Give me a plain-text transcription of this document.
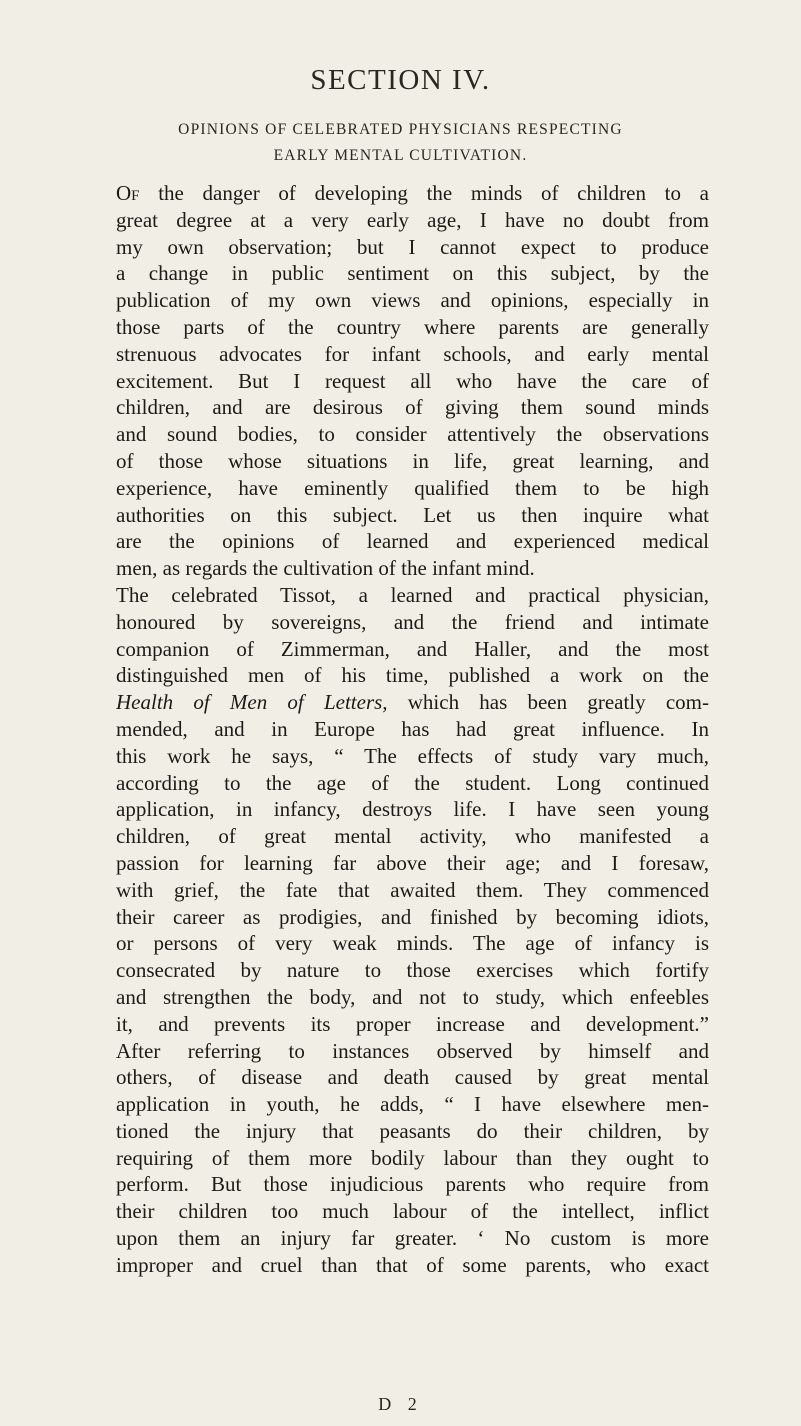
SECTION IV.
OPINIONS OF CELEBRATED PHYSICIANS RESPECTING
EARLY MENTAL CULTIVATION.
Of the danger of developing the minds of children to a
great degree at a very early age, I have no doubt from
my own observation; but I cannot expect to produce
a change in public sentiment on this subject, by the
publication of my own views and opinions, especially in
those parts of the country where parents are generally
strenuous advocates for infant schools, and early mental
excitement. But I request all who have the care of
children, and are desirous of giving them sound minds
and sound bodies, to consider attentively the observations
of those whose situations in life, great learning, and
experience, have eminently qualified them to be high
authorities on this subject. Let us then inquire what
are the opinions of learned and experienced medical
men, as regards the cultivation of the infant mind.
The celebrated Tissot, a learned and practical physician,
honoured by sovereigns, and the friend and intimate
companion of Zimmerman, and Haller, and the most
distinguished men of his time, published a work on the
Health of Men of Letters, which has been greatly com-
mended, and in Europe has had great influence. In
this work he says, “ The effects of study vary much,
according to the age of the student. Long continued
application, in infancy, destroys life. I have seen young
children, of great mental activity, who manifested a
passion for learning far above their age; and I foresaw,
with grief, the fate that awaited them. They commenced
their career as prodigies, and finished by becoming idiots,
or persons of very weak minds. The age of infancy is
consecrated by nature to those exercises which fortify
and strengthen the body, and not to study, which enfeebles
it, and prevents its proper increase and development.”
After referring to instances observed by himself and
others, of disease and death caused by great mental
application in youth, he adds, “ I have elsewhere men-
tioned the injury that peasants do their children, by
requiring of them more bodily labour than they ought to
perform. But those injudicious parents who require from
their children too much labour of the intellect, inflict
upon them an injury far greater. ‘ No custom is more
improper and cruel than that of some parents, who exact
D 2
